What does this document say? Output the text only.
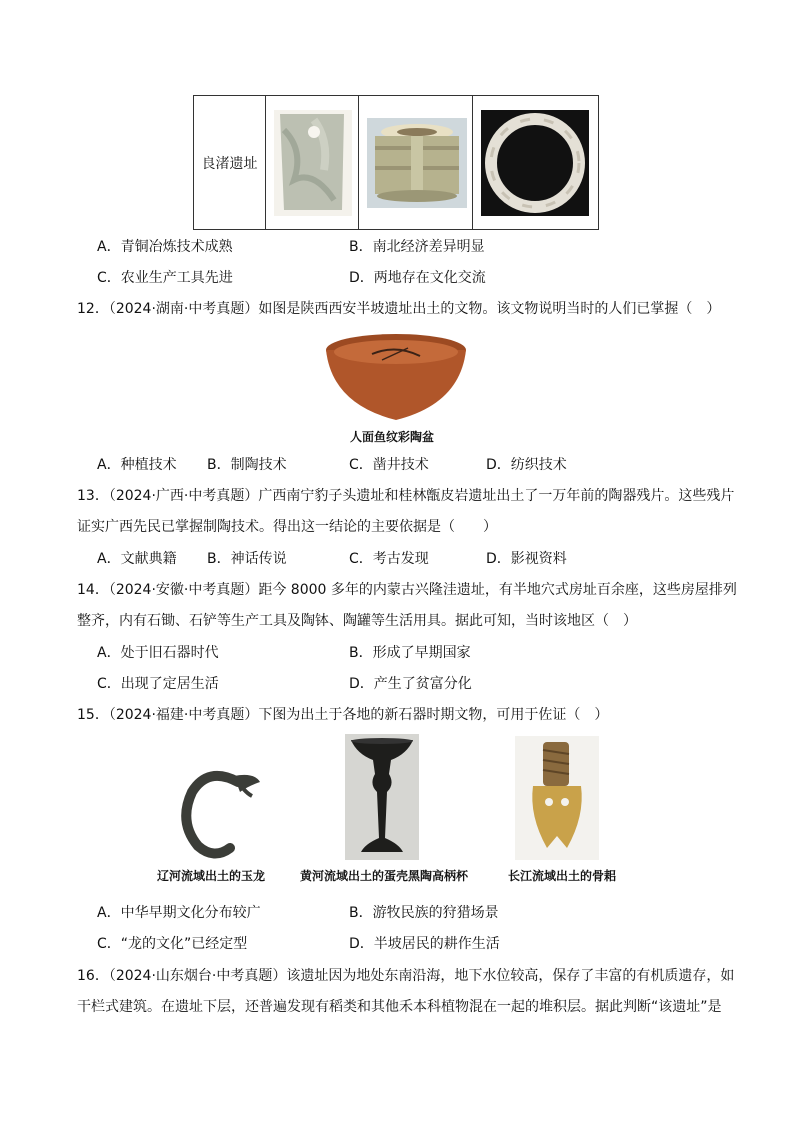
良渚遗址
A．青铜冶炼技术成熟	B．南北经济差异明显
C．农业生产工具先进	D．两地存在文化交流
12．（2024·湖南·中考真题）如图是陕西西安半坡遗址出土的文物。该文物说明当时的人们已掌握（　）
人面鱼纹彩陶盆
A．种植技术 B．制陶技术	C．凿井技术	D．纺织技术
13．（2024·广西·中考真题）广西南宁豹子头遗址和桂林甑皮岩遗址出土了一万年前的陶器残片。这些残片
证实广西先民已掌握制陶技术。得出这一结论的主要依据是（　　）
A．文献典籍 B．神话传说	C．考古发现	D．影视资料
14．（2024·安徽·中考真题）距今 8000 多年的内蒙古兴隆洼遗址，有半地穴式房址百余座，这些房屋排列
整齐，内有石锄、石铲等生产工具及陶钵、陶罐等生活用具。据此可知，当时该地区（　）
A．处于旧石器时代	B．形成了早期国家
C．出现了定居生活	D．产生了贫富分化
15．（2024·福建·中考真题）下图为出土于各地的新石器时期文物，可用于佐证（　）
辽河流域出土的玉龙	黄河流域出土的蛋壳黑陶高柄杯	长江流域出土的骨耜
A．中华早期文化分布较广	B．游牧民族的狩猎场景
C．“龙的文化”已经定型	D．半坡居民的耕作生活
16．（2024·山东烟台·中考真题）该遗址因为地处东南沿海，地下水位较高，保存了丰富的有机质遗存，如
干栏式建筑。在遗址下层，还普遍发现有稻类和其他禾本科植物混在一起的堆积层。据此判断“该遗址”是
